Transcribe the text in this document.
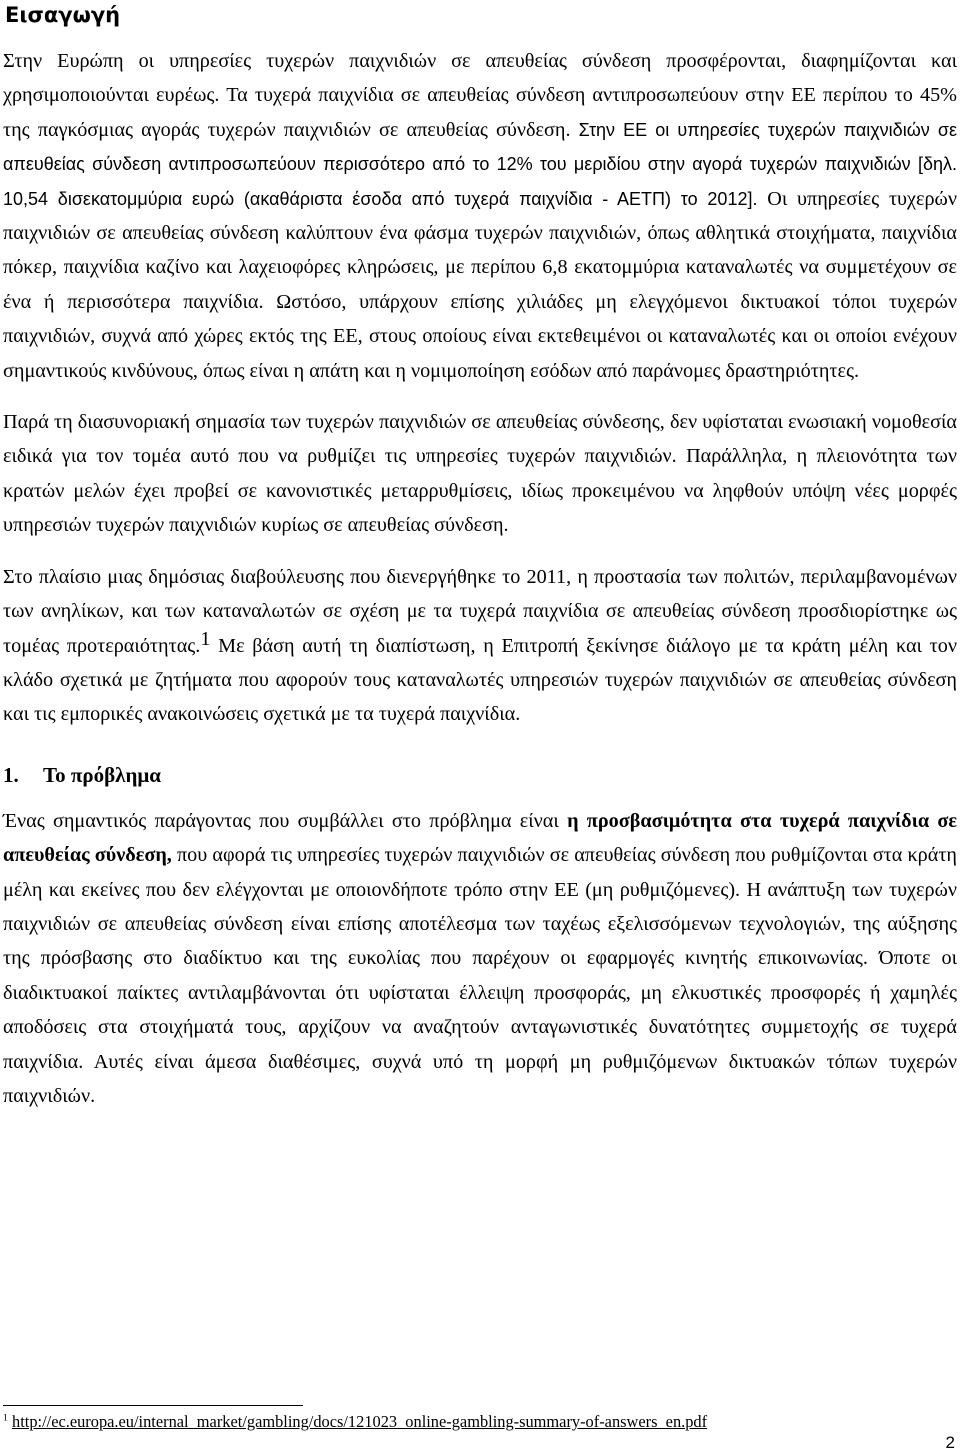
Εισαγωγή

Στην Ευρώπη οι υπηρεσίες τυχερών παιχνιδιών σε απευθείας σύνδεση προσφέρονται, διαφημίζονται και χρησιμοποιούνται ευρέως. Τα τυχερά παιχνίδια σε απευθείας σύνδεση αντιπροσωπεύουν στην ΕΕ περίπου το 45% της παγκόσμιας αγοράς τυχερών παιχνιδιών σε απευθείας σύνδεση. Στην ΕΕ οι υπηρεσίες τυχερών παιχνιδιών σε απευθείας σύνδεση αντιπροσωπεύουν περισσότερο από το 12% του μεριδίου στην αγορά τυχερών παιχνιδιών [δηλ. 10,54 δισεκατομμύρια ευρώ (ακαθάριστα έσοδα από τυχερά παιχνίδια - ΑΕΤΠ) το 2012]. Οι υπηρεσίες τυχερών παιχνιδιών σε απευθείας σύνδεση καλύπτουν ένα φάσμα τυχερών παιχνιδιών, όπως αθλητικά στοιχήματα, παιχνίδια πόκερ, παιχνίδια καζίνο και λαχειοφόρες κληρώσεις, με περίπου 6,8 εκατομμύρια καταναλωτές να συμμετέχουν σε ένα ή περισσότερα παιχνίδια. Ωστόσο, υπάρχουν επίσης χιλιάδες μη ελεγχόμενοι δικτυακοί τόποι τυχερών παιχνιδιών, συχνά από χώρες εκτός της ΕΕ, στους οποίους είναι εκτεθειμένοι οι καταναλωτές και οι οποίοι ενέχουν σημαντικούς κινδύνους, όπως είναι η απάτη και η νομιμοποίηση εσόδων από παράνομες δραστηριότητες.

Παρά τη διασυνοριακή σημασία των τυχερών παιχνιδιών σε απευθείας σύνδεσης, δεν υφίσταται ενωσιακή νομοθεσία ειδικά για τον τομέα αυτό που να ρυθμίζει τις υπηρεσίες τυχερών παιχνιδιών. Παράλληλα, η πλειονότητα των κρατών μελών έχει προβεί σε κανονιστικές μεταρρυθμίσεις, ιδίως προκειμένου να ληφθούν υπόψη νέες μορφές υπηρεσιών τυχερών παιχνιδιών κυρίως σε απευθείας σύνδεση.

Στο πλαίσιο μιας δημόσιας διαβούλευσης που διενεργήθηκε το 2011, η προστασία των πολιτών, περιλαμβανομένων των ανηλίκων, και των καταναλωτών σε σχέση με τα τυχερά παιχνίδια σε απευθείας σύνδεση προσδιορίστηκε ως τομέας προτεραιότητας.$^1$ Με βάση αυτή τη διαπίστωση, η Επιτροπή ξεκίνησε διάλογο με τα κράτη μέλη και τον κλάδο σχετικά με ζητήματα που αφορούν τους καταναλωτές υπηρεσιών τυχερών παιχνιδιών σε απευθείας σύνδεση και τις εμπορικές ανακοινώσεις σχετικά με τα τυχερά παιχνίδια.

1. Το πρόβλημα

Ένας σημαντικός παράγοντας που συμβάλλει στο πρόβλημα είναι η προσβασιμότητα στα τυχερά παιχνίδια σε απευθείας σύνδεση, που αφορά τις υπηρεσίες τυχερών παιχνιδιών σε απευθείας σύνδεση που ρυθμίζονται στα κράτη μέλη και εκείνες που δεν ελέγχονται με οποιονδήποτε τρόπο στην ΕΕ (μη ρυθμιζόμενες). Η ανάπτυξη των τυχερών παιχνιδιών σε απευθείας σύνδεση είναι επίσης αποτέλεσμα των ταχέως εξελισσόμενων τεχνολογιών, της αύξησης της πρόσβασης στο διαδίκτυο και της ευκολίας που παρέχουν οι εφαρμογές κινητής επικοινωνίας. Όποτε οι διαδικτυακοί παίκτες αντιλαμβάνονται ότι υφίσταται έλλειψη προσφοράς, μη ελκυστικές προσφορές ή χαμηλές αποδόσεις στα στοιχήματά τους, αρχίζουν να αναζητούν ανταγωνιστικές δυνατότητες συμμετοχής σε τυχερά παιχνίδια. Αυτές είναι άμεσα διαθέσιμες, συχνά υπό τη μορφή μη ρυθμιζόμενων δικτυακών τόπων τυχερών παιχνιδιών.

$^1$ http://ec.europa.eu/internal_market/gambling/docs/121023_online-gambling-summary-of-answers_en.pdf
2
